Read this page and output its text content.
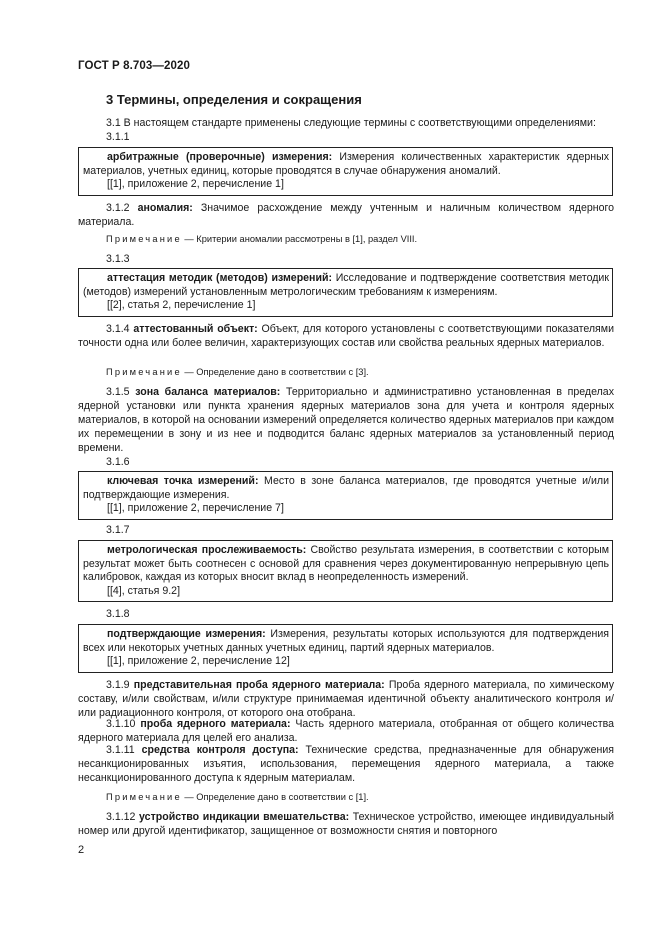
ГОСТ Р 8.703—2020
3 Термины, определения и сокращения
3.1 В настоящем стандарте применены следующие термины с соответствующими определениями:
3.1.1
арбитражные (проверочные) измерения: Измерения количественных характеристик ядерных материалов, учетных единиц, которые проводятся в случае обнаружения аномалий.
[[1], приложение 2, перечисление 1]
3.1.2 аномалия: Значимое расхождение между учтенным и наличным количеством ядерного материала.
Примечание — Критерии аномалии рассмотрены в [1], раздел VIII.
3.1.3
аттестация методик (методов) измерений: Исследование и подтверждение соответствия методик (методов) измерений установленным метрологическим требованиям к измерениям.
[[2], статья 2, перечисление 1]
3.1.4 аттестованный объект: Объект, для которого установлены с соответствующими показателями точности одна или более величин, характеризующих состав или свойства реальных ядерных материалов.
Примечание — Определение дано в соответствии с [3].
3.1.5 зона баланса материалов: Территориально и административно установленная в пределах ядерной установки или пункта хранения ядерных материалов зона для учета и контроля ядерных материалов, в которой на основании измерений определяется количество ядерных материалов при каждом их перемещении в зону и из нее и подводится баланс ядерных материалов за установленный период времени.
3.1.6
ключевая точка измерений: Место в зоне баланса материалов, где проводятся учетные и/или подтверждающие измерения.
[[1], приложение 2, перечисление 7]
3.1.7
метрологическая прослеживаемость: Свойство результата измерения, в соответствии с которым результат может быть соотнесен с основой для сравнения через документированную непрерывную цепь калибровок, каждая из которых вносит вклад в неопределенность измерений.
[[4], статья 9.2]
3.1.8
подтверждающие измерения: Измерения, результаты которых используются для подтверждения всех или некоторых учетных данных учетных единиц, партий ядерных материалов.
[[1], приложение 2, перечисление 12]
3.1.9 представительная проба ядерного материала: Проба ядерного материала, по химическому составу, и/или свойствам, и/или структуре принимаемая идентичной объекту аналитического контроля и/или радиационного контроля, от которого она отобрана.
3.1.10 проба ядерного материала: Часть ядерного материала, отобранная от общего количества ядерного материала для целей его анализа.
3.1.11 средства контроля доступа: Технические средства, предназначенные для обнаружения несанкционированных изъятия, использования, перемещения ядерного материала, а также несанкционированного доступа к ядерным материалам.
Примечание — Определение дано в соответствии с [1].
3.1.12 устройство индикации вмешательства: Техническое устройство, имеющее индивидуальный номер или другой идентификатор, защищенное от возможности снятия и повторного
2
